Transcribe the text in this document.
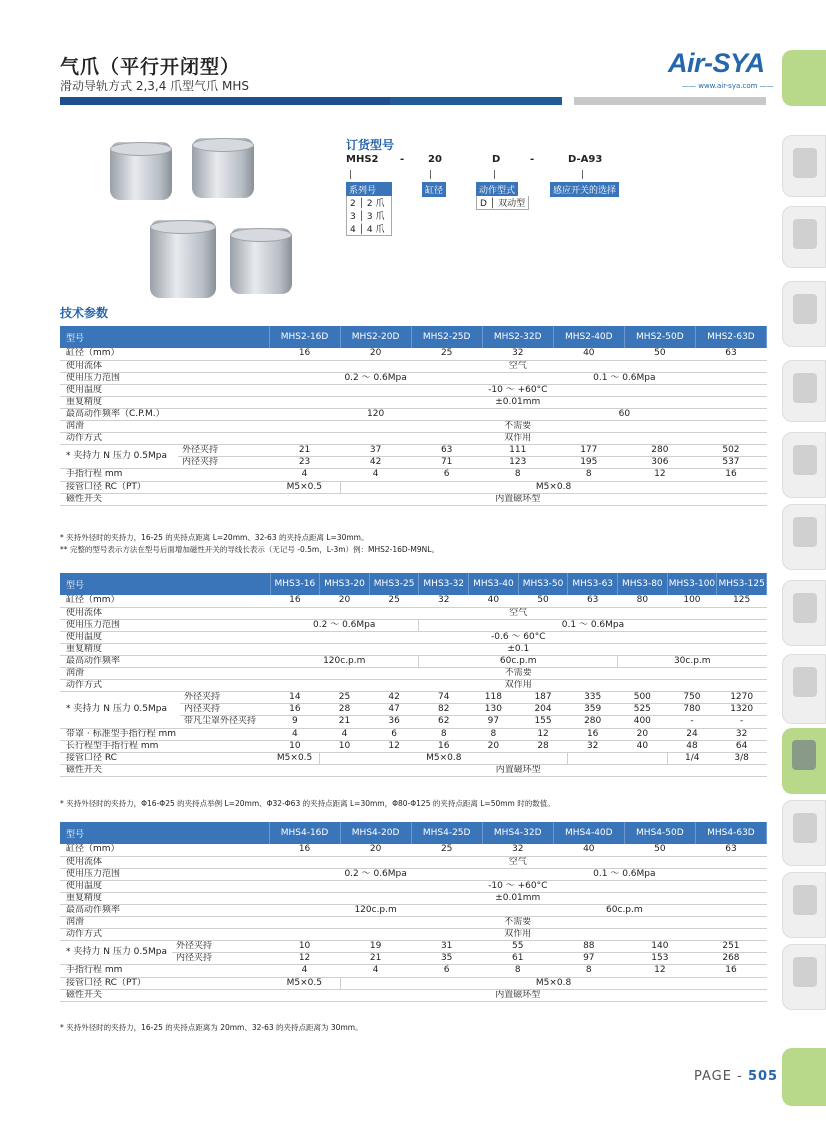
气爪（平行开闭型）
滑动导轨方式 2,3,4 爪型气爪 MHS
Air-SYA
—— www.air-sya.com ——
订货型号
MHS2 - 20	D	-	D-A93
系列号	缸径	动作型式	感应开关的选择
2 │ 2 爪
3 │ 3 爪
4 │ 4 爪
D │ 双动型
技术参数
型号		MHS2-16D	MHS2-20D	MHS2-25D	MHS2-32D	MHS2-40D	MHS2-50D	MHS2-63D
缸径（mm）		16	20	25	32	40	50	63
使用流体		空气						
使用压力范围		0.2 ～ 0.6Mpa			0.1 ～ 0.6Mpa			
使用温度		-10 ～ +60°C						
重复精度		±0.01mm						
最高动作频率（C.P.M.）		120			60			
润滑		不需要						
动作方式		双作用						
* 夹持力 N 压力 0.5Mpa	外径夹持	21	37	63	111	177	280	502
	内径夹持	23	42	71	123	195	306	537
手指行程 mm		4	4	6	8	8	12	16
接管口径 RC（PT）		M5×0.5	M5×0.8					
磁性开关		内置磁环型						
* 夹持外径时的夹持力，16-25 的夹持点距离 L=20mm、32-63 的夹持点距离 L=30mm。
** 完整的型号表示方法在型号后面增加磁性开关的导线长表示（无记号 -0.5m，L-3m）例：MHS2-16D-M9NL。
型号		MHS3-16	MHS3-20	MHS3-25	MHS3-32	MHS3-40	MHS3-50	MHS3-63	MHS3-80	MHS3-100	MHS3-125
缸径（mm）		16	20	25	32	40	50	63	80	100	125
使用流体		空气									
使用压力范围		0.2 ～ 0.6Mpa			0.1 ～ 0.6Mpa						
使用温度		-0.6 ～ 60°C									
重复精度		±0.1									
最高动作频率		120c.p.m			60c.p.m				30c.p.m		
润滑		不需要									
动作方式		双作用									
* 夹持力 N 压力 0.5Mpa	外径夹持	14	25	42	74	118	187	335	500	750	1270
	内径夹持	16	28	47	82	130	204	359	525	780	1320
	带凡尘罩外径夹持	9	21	36	62	97	155	280	400	-	-
带罩 · 标准型手指行程 mm		4	4	6	8	8	12	16	20	24	32
长行程型手指行程 mm		10	10	12	16	20	28	32	40	48	64
接管口径 RC		M5×0.5	M5×0.8							1/4	3/8
磁性开关		内置磁环型									
* 夹持外径时的夹持力，Φ16-Φ25 的夹持点举例 L=20mm、Φ32-Φ63 的夹持点距离 L=30mm，Φ80-Φ125 的夹持点距离 L=50mm 时的数值。
型号		MHS4-16D	MHS4-20D	MHS4-25D	MHS4-32D	MHS4-40D	MHS4-50D	MHS4-63D
缸径（mm）		16	20	25	32	40	50	63
使用流体		空气						
使用压力范围		0.2 ～ 0.6Mpa			0.1 ～ 0.6Mpa			
使用温度		-10 ～ +60°C						
重复精度		±0.01mm						
最高动作频率		120c.p.m			60c.p.m			
润滑		不需要						
动作方式		双作用						
* 夹持力 N 压力 0.5Mpa	外径夹持	10	19	31	55	88	140	251
	内径夹持	12	21	35	61	97	153	268
手指行程 mm		4	4	6	8	8	12	16
接管口径 RC（PT）		M5×0.5	M5×0.8					
磁性开关		内置磁环型						
* 夹持外径时的夹持力，16-25 的夹持点距离为 20mm、32-63 的夹持点距离为 30mm。
PAGE - 505
